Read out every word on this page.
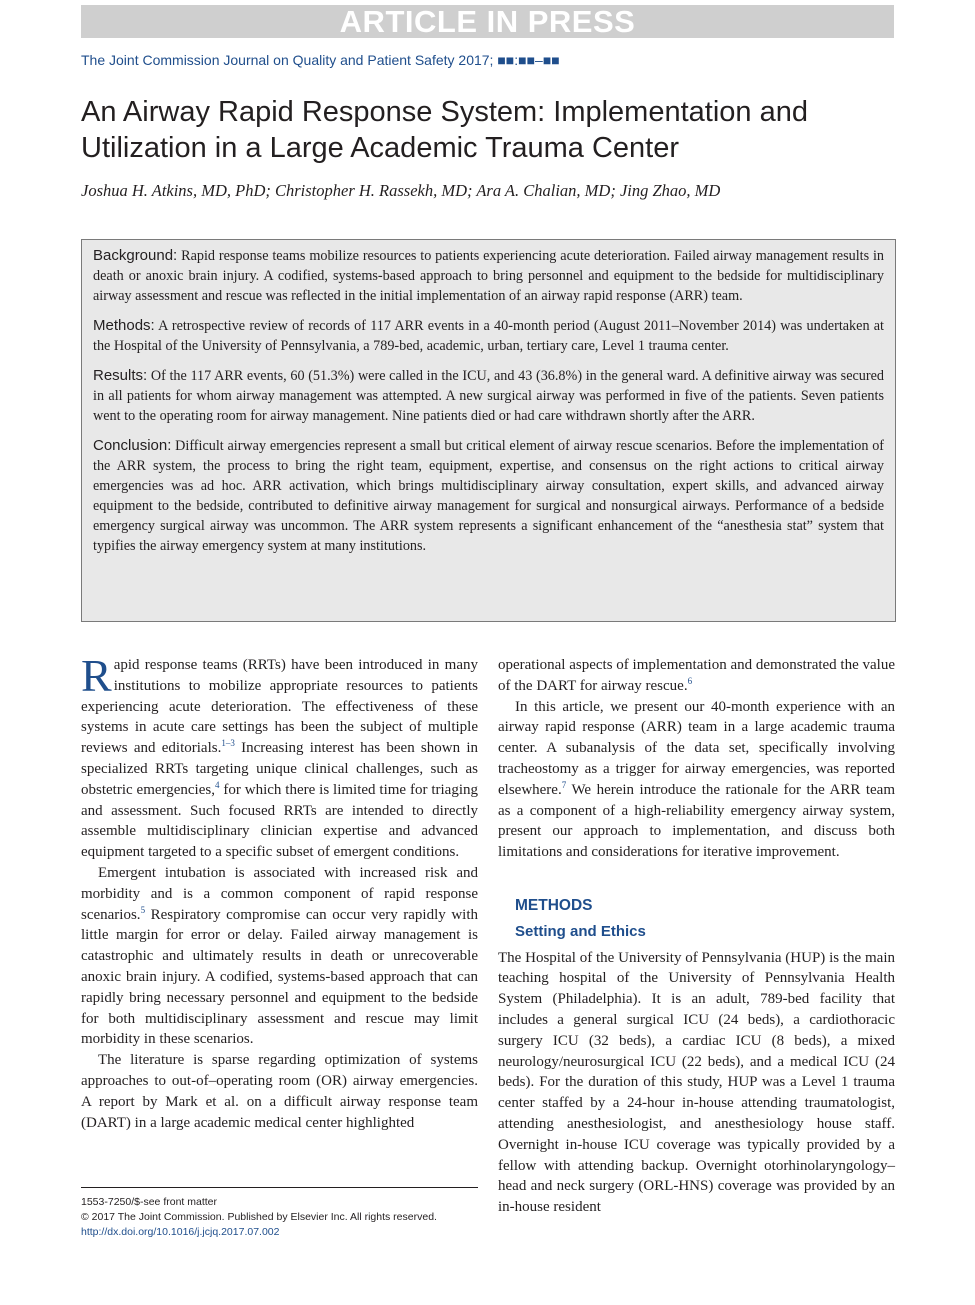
ARTICLE IN PRESS
The Joint Commission Journal on Quality and Patient Safety 2017; ■■:■■–■■
An Airway Rapid Response System: Implementation and Utilization in a Large Academic Trauma Center
Joshua H. Atkins, MD, PhD; Christopher H. Rassekh, MD; Ara A. Chalian, MD; Jing Zhao, MD

Background: Rapid response teams mobilize resources to patients experiencing acute deterioration. Failed airway management results in death or anoxic brain injury. A codified, systems-based approach to bring personnel and equipment to the bedside for multidisciplinary airway assessment and rescue was reflected in the initial implementation of an airway rapid response (ARR) team.

Methods: A retrospective review of records of 117 ARR events in a 40-month period (August 2011–November 2014) was undertaken at the Hospital of the University of Pennsylvania, a 789-bed, academic, urban, tertiary care, Level 1 trauma center.

Results: Of the 117 ARR events, 60 (51.3%) were called in the ICU, and 43 (36.8%) in the general ward. A definitive airway was secured in all patients for whom airway management was attempted. A new surgical airway was performed in five of the patients. Seven patients went to the operating room for airway management. Nine patients died or had care withdrawn shortly after the ARR.

Conclusion: Difficult airway emergencies represent a small but critical element of airway rescue scenarios. Before the implementation of the ARR system, the process to bring the right team, equipment, expertise, and consensus on the right actions to critical airway emergencies was ad hoc. ARR activation, which brings multidisciplinary airway consultation, expert skills, and advanced airway equipment to the bedside, contributed to definitive airway management for surgical and nonsurgical airways. Performance of a bedside emergency surgical airway was uncommon. The ARR system represents a significant enhancement of the “anesthesia stat” system that typifies the airway emergency system at many institutions.

Rapid response teams (RRTs) have been introduced in many institutions to mobilize appropriate resources to patients experiencing acute deterioration. The effectiveness of these systems in acute care settings has been the subject of multiple reviews and editorials.$^{1-3}$ Increasing interest has been shown in specialized RRTs targeting unique clinical challenges, such as obstetric emergencies,$^4$ for which there is limited time for triaging and assessment. Such focused RRTs are intended to directly assemble multidisciplinary clinician expertise and advanced equipment targeted to a specific subset of emergent conditions.

Emergent intubation is associated with increased risk and morbidity and is a common component of rapid response scenarios.$^5$ Respiratory compromise can occur very rapidly with little margin for error or delay. Failed airway management is catastrophic and ultimately results in death or unrecoverable anoxic brain injury. A codified, systems-based approach that can rapidly bring necessary personnel and equipment to the bedside for both multidisciplinary assessment and rescue may limit morbidity in these scenarios.

The literature is sparse regarding optimization of systems approaches to out-of–operating room (OR) airway emergencies. A report by Mark et al. on a difficult airway response team (DART) in a large academic medical center highlighted

operational aspects of implementation and demonstrated the value of the DART for airway rescue.$^6$

In this article, we present our 40-month experience with an airway rapid response (ARR) team in a large academic trauma center. A subanalysis of the data set, specifically involving tracheostomy as a trigger for airway emergencies, was reported elsewhere.$^7$ We herein introduce the rationale for the ARR team as a component of a high-reliability emergency airway system, present our approach to implementation, and discuss both limitations and considerations for iterative improvement.

METHODS

Setting and Ethics

The Hospital of the University of Pennsylvania (HUP) is the main teaching hospital of the University of Pennsylvania Health System (Philadelphia). It is an adult, 789-bed facility that includes a general surgical ICU (24 beds), a cardiothoracic surgery ICU (32 beds), a cardiac ICU (8 beds), a mixed neurology/neurosurgical ICU (22 beds), and a medical ICU (24 beds). For the duration of this study, HUP was a Level 1 trauma center staffed by a 24-hour in-house attending traumatologist, attending anesthesiologist, and anesthesiology house staff. Overnight in-house ICU coverage was typically provided by a fellow with attending backup. Overnight otorhinolaryngology–head and neck surgery (ORL-HNS) coverage was provided by an in-house resident

1553-7250/$-see front matter
© 2017 The Joint Commission. Published by Elsevier Inc. All rights reserved.
http://dx.doi.org/10.1016/j.jcjq.2017.07.002
